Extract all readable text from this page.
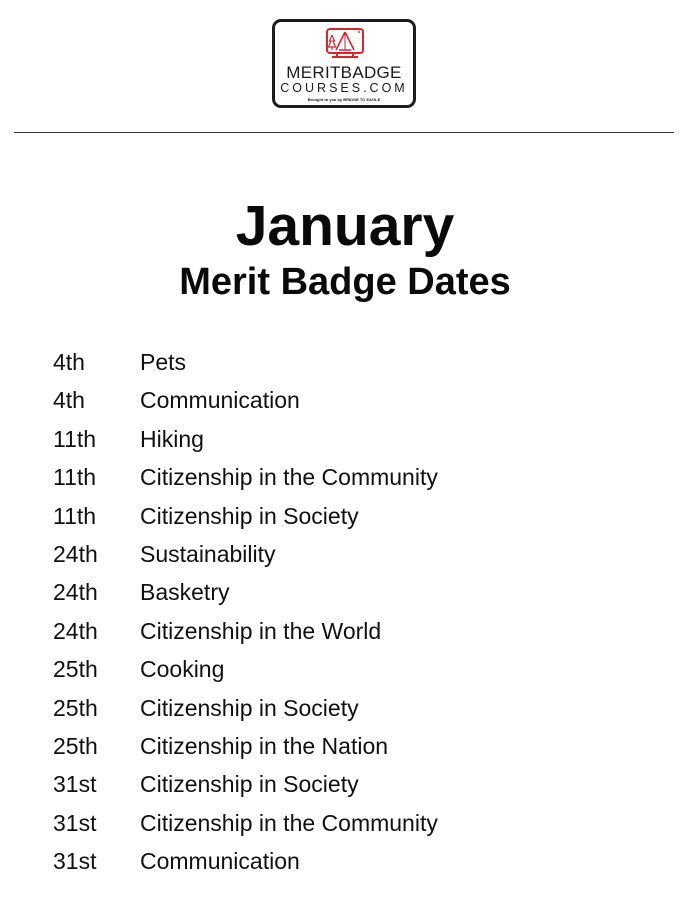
MERITBADGE
COURSES.COM
Brought to you by BRIDGE TO EAGLE
January
Merit Badge Dates
4th Pets
4th Communication
11th Hiking
11th Citizenship in the Community
11th Citizenship in Society
24th Sustainability
24th Basketry
24th Citizenship in the World
25th Cooking
25th Citizenship in Society
25th Citizenship in the Nation
31st Citizenship in Society
31st Citizenship in the Community
31st Communication
